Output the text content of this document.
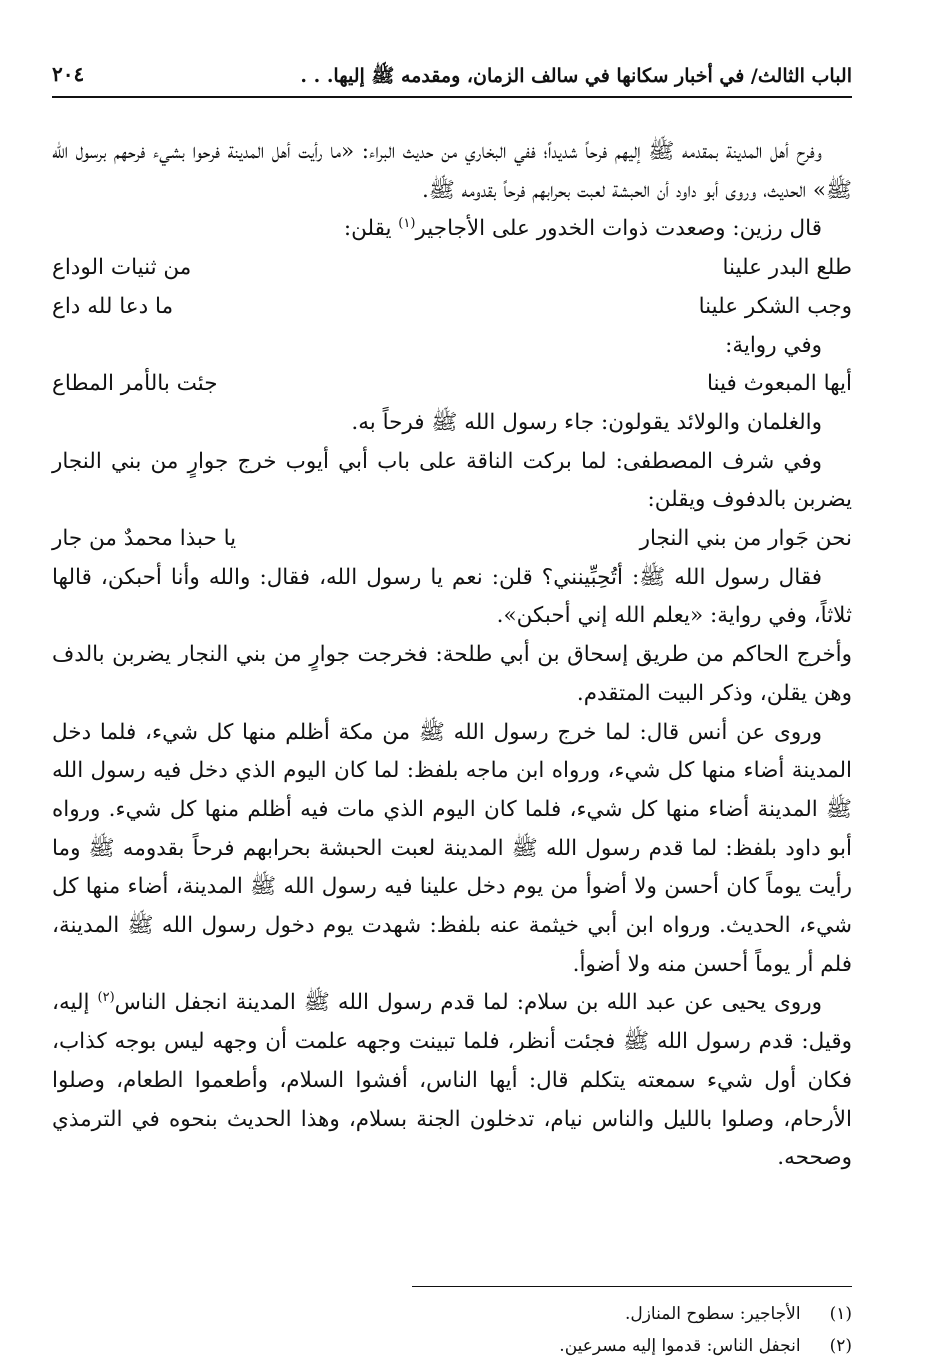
الباب الثالث/ في أخبار سكانها في سالف الزمان، ومقدمه ﷺ إليها. . .
٢٠٤

وفرح أهل المدينة بمقدمه ﷺ إليهم فرحاً شديداً؛ ففي البخاري من حديث البراء: «ما رأيت أهل المدينة فرحوا بشيء فرحهم برسول الله ﷺ» الحديث، وروى أبو داود أن الحبشة لعبت بحرابهم فرحاً بقدومه ﷺ.

قال رزين: وصعدت ذوات الخدور على الأجاجير$^{(١)}$ يقلن:

طلع البدر علينا
من ثنيات الوداع
وجب الشكر علينا
ما دعا لله داع

وفي رواية:

أيها المبعوث فينا
جئت بالأمر المطاع

والغلمان والولائد يقولون: جاء رسول الله ﷺ فرحاً به.

وفي شرف المصطفى: لما بركت الناقة على باب أبي أيوب خرج جوارٍ من بني النجار يضربن بالدفوف ويقلن:

نحن جَوار من بني النجار
يا حبذا محمدٌ من جار

فقال رسول الله ﷺ: أتُحِبِّينني؟ قلن: نعم يا رسول الله، فقال: والله وأنا أحبكن، قالها ثلاثاً، وفي رواية: «يعلم الله إني أحبكن».

وأخرج الحاكم من طريق إسحاق بن أبي طلحة: فخرجت جوارٍ من بني النجار يضربن بالدف وهن يقلن، وذكر البيت المتقدم.

وروى عن أنس قال: لما خرج رسول الله ﷺ من مكة أظلم منها كل شيء، فلما دخل المدينة أضاء منها كل شيء، ورواه ابن ماجه بلفظ: لما كان اليوم الذي دخل فيه رسول الله ﷺ المدينة أضاء منها كل شيء، فلما كان اليوم الذي مات فيه أظلم منها كل شيء. ورواه أبو داود بلفظ: لما قدم رسول الله ﷺ المدينة لعبت الحبشة بحرابهم فرحاً بقدومه ﷺ وما رأيت يوماً كان أحسن ولا أضوأ من يوم دخل علينا فيه رسول الله ﷺ المدينة، أضاء منها كل شيء، الحديث. ورواه ابن أبي خيثمة عنه بلفظ: شهدت يوم دخول رسول الله ﷺ المدينة، فلم أر يوماً أحسن منه ولا أضوأ.

وروى يحيى عن عبد الله بن سلام: لما قدم رسول الله ﷺ المدينة انجفل الناس$^{(٢)}$ إليه، وقيل: قدم رسول الله ﷺ فجئت أنظر، فلما تبينت وجهه علمت أن وجهه ليس بوجه كذاب، فكان أول شيء سمعته يتكلم قال: أيها الناس، أفشوا السلام، وأطعموا الطعام، وصلوا الأرحام، وصلوا بالليل والناس نيام، تدخلون الجنة بسلام، وهذا الحديث بنحوه في الترمذي وصححه.

(١) الأجاجير: سطوح المنازل.

(٢) انجفل الناس: قدموا إليه مسرعين.
